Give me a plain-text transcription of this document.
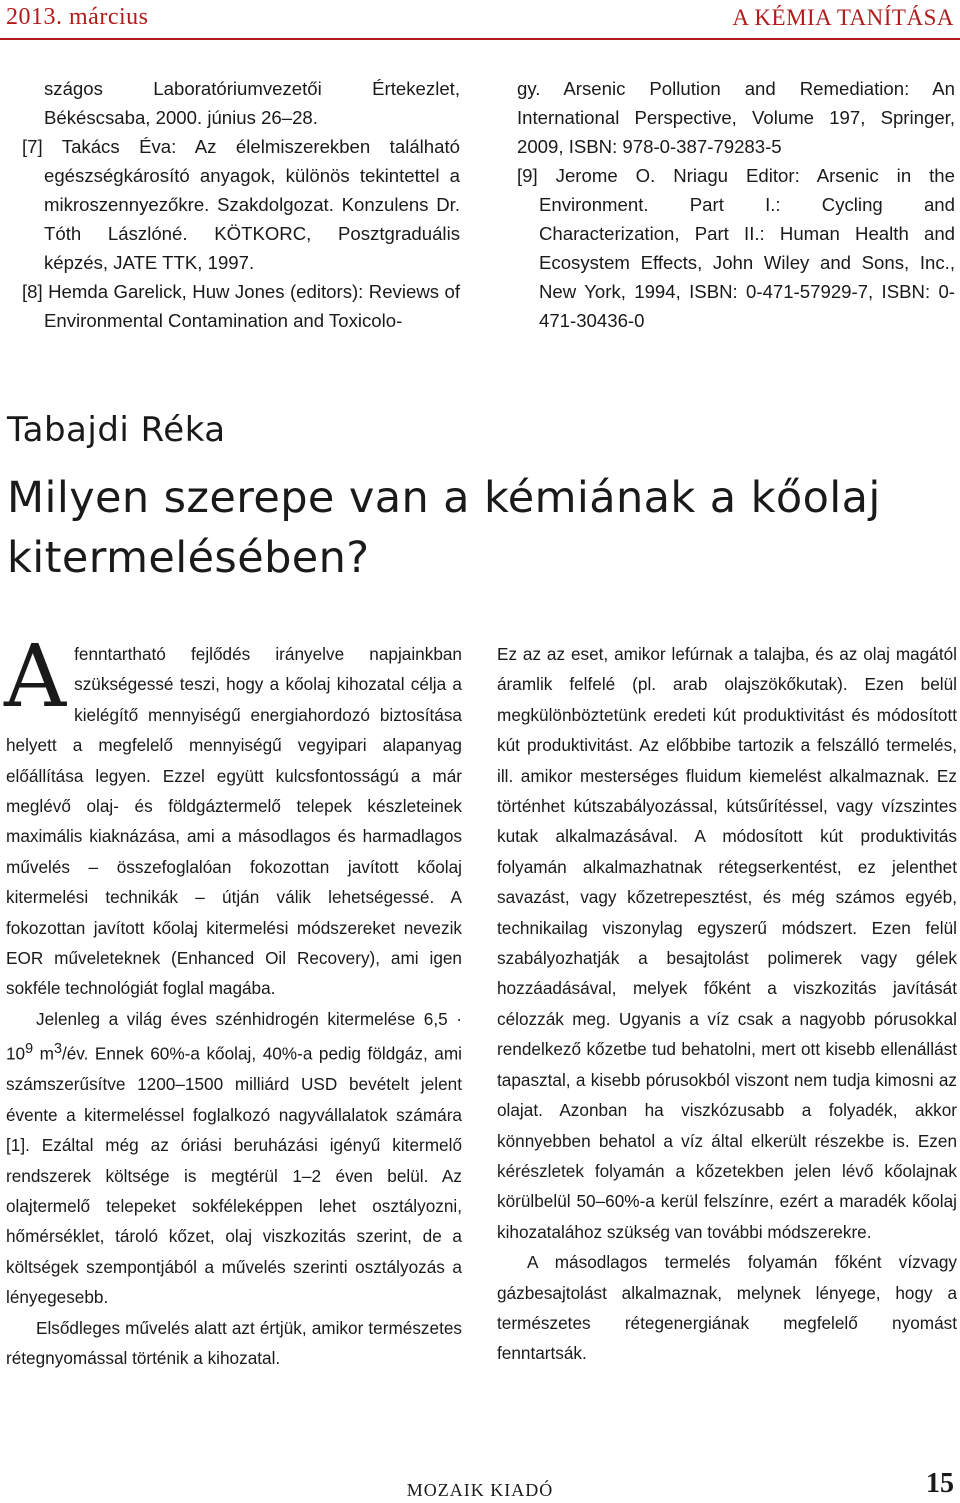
2013. március	A KÉMIA TANÍTÁSA

szágos Laboratóriumvezetői Értekezlet, Békéscsaba, 2000. június 26–28.

[7] Takács Éva: Az élelmiszerekben található egészségkárosító anyagok, különös tekintettel a mikroszennyezőkre. Szakdolgozat. Konzulens Dr. Tóth Lászlóné. KÖTKORC, Posztgraduális képzés, JATE TTK, 1997.

[8] Hemda Garelick, Huw Jones (editors): Reviews of Environmental Contamination and Toxicolo-

gy. Arsenic Pollution and Remediation: An International Perspective, Volume 197, Springer, 2009, ISBN: 978-0-387-79283-5

[9] Jerome O. Nriagu Editor: Arsenic in the Environment. Part I.: Cycling and Characterization, Part II.: Human Health and Ecosystem Effects, John Wiley and Sons, Inc., New York, 1994, ISBN: 0-471-57929-7, ISBN: 0-471-30436-0

Tabajdi Réka
Milyen szerepe van a kémiának a kőolaj kitermelésében?

Afenntartható fejlődés irányelve napjainkban szükségessé teszi, hogy a kőolaj kihozatal célja a kielégítő mennyiségű energiahordozó biztosítása helyett a megfelelő mennyiségű vegyipari alapanyag előállítása legyen. Ezzel együtt kulcsfontosságú a már meglévő olaj- és földgáztermelő telepek készleteinek maximális kiaknázása, ami a másodlagos és harmadlagos művelés – összefoglalóan fokozottan javított kőolaj kitermelési technikák – útján válik lehetségessé. A fokozottan javított kőolaj kitermelési módszereket nevezik EOR műveleteknek (Enhanced Oil Recovery), ami igen sokféle technológiát foglal magába.

Jelenleg a világ éves szénhidrogén kitermelése $6,5 \cdot 10^9$ $m^3/év$. Ennek 60%-a kőolaj, 40%-a pedig földgáz, ami számszerűsítve 1200–1500 milliárd USD bevételt jelent évente a kitermeléssel foglalkozó nagyvállalatok számára [1]. Ezáltal még az óriási beruházási igényű kitermelő rendszerek költsége is megtérül 1–2 éven belül. Az olajtermelő telepeket sokféleképpen lehet osztályozni, hőmérséklet, tároló kőzet, olaj viszkozitás szerint, de a költségek szempontjából a művelés szerinti osztályozás a lényegesebb.

Elsődleges művelés alatt azt értjük, amikor természetes rétegnyomással történik a kihozatal.

Ez az az eset, amikor lefúrnak a talajba, és az olaj magától áramlik felfelé (pl. arab olajszökőkutak). Ezen belül megkülönböztetünk eredeti kút produktivitást és módosított kút produktivitást. Az előbbibe tartozik a felszálló termelés, ill. amikor mesterséges fluidum kiemelést alkalmaznak. Ez történhet kútszabályozással, kútsűrítéssel, vagy vízszintes kutak alkalmazásával. A módosított kút produktivitás folyamán alkalmazhatnak rétegserkentést, ez jelenthet savazást, vagy kőzetrepesztést, és még számos egyéb, technikailag viszonylag egyszerű módszert. Ezen felül szabályozhatják a besajtolást polimerek vagy gélek hozzáadásával, melyek főként a viszkozitás javítását célozzák meg. Ugyanis a víz csak a nagyobb pórusokkal rendelkező kőzetbe tud behatolni, mert ott kisebb ellenállást tapasztal, a kisebb pórusokból viszont nem tudja kimosni az olajat. Azonban ha viszkózusabb a folyadék, akkor könnyebben behatol a víz által elkerült részekbe is. Ezen kérészletek folyamán a kőzetekben jelen lévő kőolajnak körülbelül 50–60%-a kerül felszínre, ezért a maradék kőolaj kihozatalához szükség van további módszerekre.

A másodlagos termelés folyamán főként vízvagy gázbesajtolást alkalmaznak, melynek lényege, hogy a természetes rétegenergiának megfelelő nyomást fenntartsák.

MOZAIK KIADÓ	15
